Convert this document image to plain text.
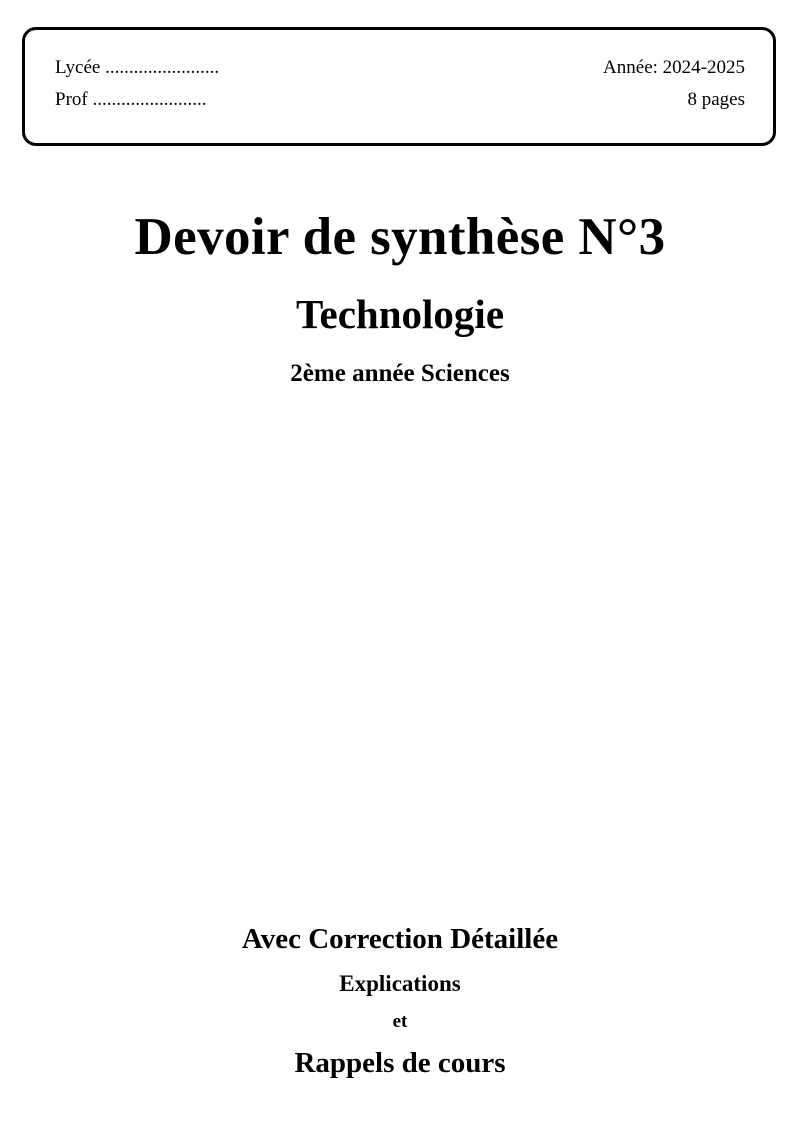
Lycée ........................	Année: 2024-2025
Prof ........................	8 pages
Devoir de synthèse N°3
Technologie
2ème année Sciences

Avec Correction Détaillée

Explications

et

Rappels de cours
